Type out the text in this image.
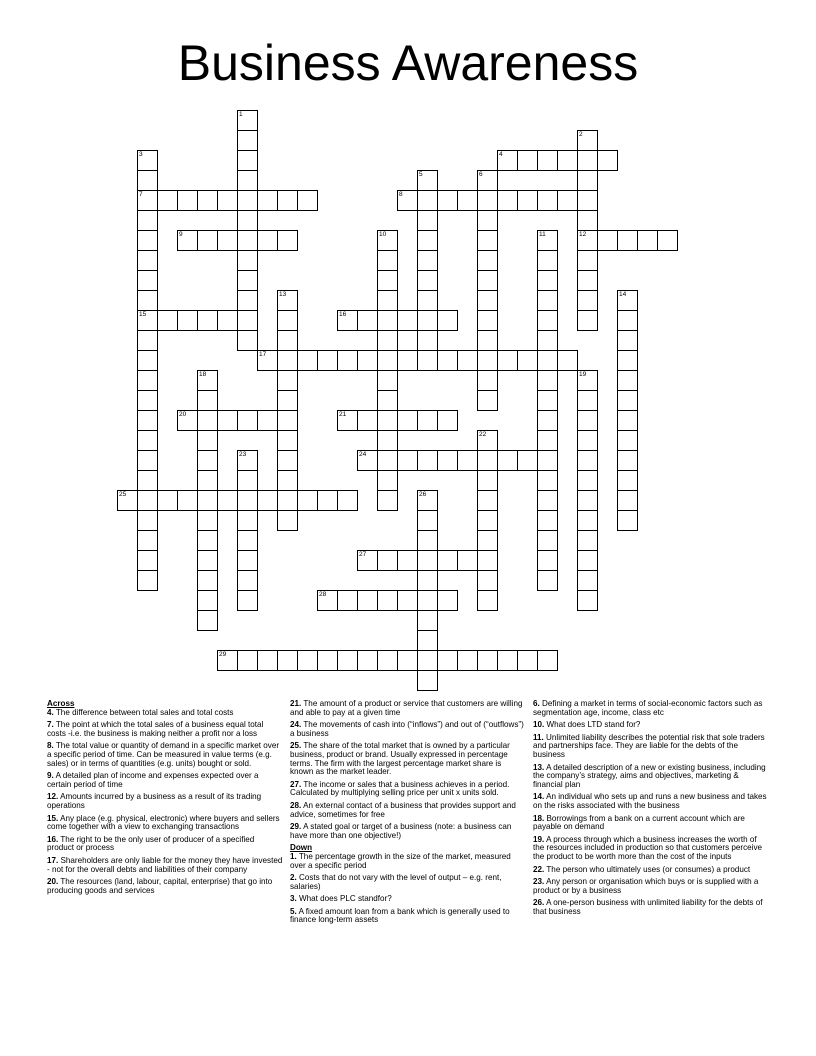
Business Awareness
1
2
12
3
7
15
4
5	6
8
9	10	11
13	14
16
17
18	19
20	21
22
23	24
25	26
27
28
29
Across
4. The difference between total sales and total costs
7. The point at which the total sales of a business equal total costs -i.e. the business is making neither a profit nor a loss
8. The total value or quantity of demand in a specific market over a specific period of time. Can be measured in value terms (e.g. sales) or in terms of quantities (e.g. units) bought or sold.
9. A detailed plan of income and expenses expected over a certain period of time
12. Amounts incurred by a business as a result of its trading operations
15. Any place (e.g. physical, electronic) where buyers and sellers come together with a view to exchanging transactions
16. The right to be the only user of producer of a specified product or process
17. Shareholders are only liable for the money they have invested - not for the overall debts and liabilities of their company
20. The resources (land, labour, capital, enterprise) that go into producing goods and services
21. The amount of a product or service that customers are willing and able to pay at a given time
24. The movements of cash into (“inflows”) and out of (“outflows”) a business
25. The share of the total market that is owned by a particular business, product or brand. Usually expressed in percentage terms. The firm with the largest percentage market share is known as the market leader.
27. The income or sales that a business achieves in a period. Calculated by multiplying selling price per unit x units sold.
28. An external contact of a business that provides support and advice, sometimes for free
29. A stated goal or target of a business (note: a business can have more than one objective!)
Down
1. The percentage growth in the size of the market, measured over a specific period
2. Costs that do not vary with the level of output – e.g. rent, salaries)
3. What does PLC standfor?
5. A fixed amount loan from a bank which is generally used to finance long-term assets
6. Defining a market in terms of social-economic factors such as segmentation age, income, class etc
10. What does LTD stand for?
11. Unlimited liability describes the potential risk that sole traders and partnerships face. They are liable for the debts of the business
13. A detailed description of a new or existing business, including the company’s strategy, aims and objectives, marketing & financial plan
14. An individual who sets up and runs a new business and takes on the risks associated with the business
18. Borrowings from a bank on a current account which are payable on demand
19. A process through which a business increases the worth of the resources included in production so that customers perceive the product to be worth more than the cost of the inputs
22. The person who ultimately uses (or consumes) a product
23. Any person or organisation which buys or is supplied with a product or by a business
26. A one-person business with unlimited liability for the debts of that business
